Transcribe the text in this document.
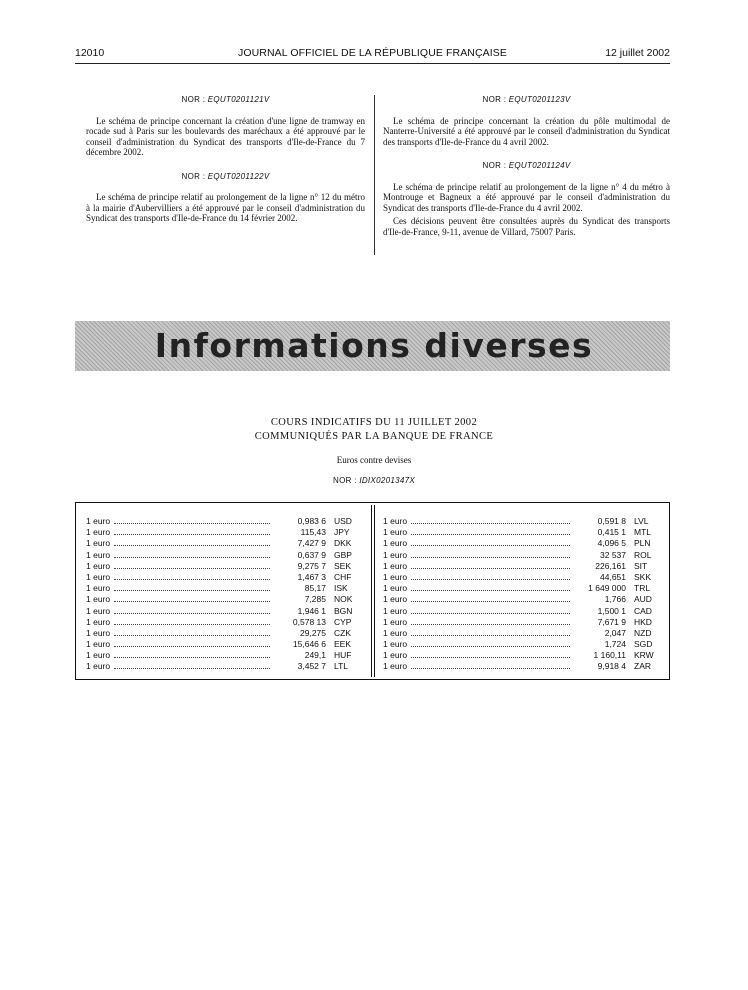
12010	JOURNAL OFFICIEL DE LA RÉPUBLIQUE FRANÇAISE	12 juillet 2002
NOR : EQUT0201121V

Le schéma de principe concernant la création d'une ligne de tramway en rocade sud à Paris sur les boulevards des maréchaux a été approuvé par le conseil d'administration du Syndicat des transports d'Ile-de-France du 7 décembre 2002.

NOR : EQUT0201122V

Le schéma de principe relatif au prolongement de la ligne n° 12 du métro à la mairie d'Aubervilliers a été approuvé par le conseil d'administration du Syndicat des transports d'Ile-de-France du 14 février 2002.

NOR : EQUT0201123V

Le schéma de principe concernant la création du pôle multimodal de Nanterre-Université a été approuvé par le conseil d'administration du Syndicat des transports d'Ile-de-France du 4 avril 2002.

NOR : EQUT0201124V

Le schéma de principe relatif au prolongement de la ligne n° 4 du métro à Montrouge et Bagneux a été approuvé par le conseil d'administration du Syndicat des transports d'Ile-de-France du 4 avril 2002.

Ces décisions peuvent être consultées auprès du Syndicat des transports d'Ile-de-France, 9-11, avenue de Villard, 75007 Paris.

Informations diverses
COURS INDICATIFS DU 11 JUILLET 2002
COMMUNIQUÉS PAR LA BANQUE DE FRANCE
Euros contre devises
NOR : IDIX0201347X
1 euro	0,983 6 USD
1 euro	115,43 JPY
1 euro	7,427 9 DKK
1 euro	0,637 9 GBP
1 euro	9,275 7 SEK
1 euro	1,467 3 CHF
1 euro	85,17 ISK
1 euro	7,285 NOK
1 euro	1,946 1 BGN
1 euro	0,578 13 CYP
1 euro	29,275 CZK
1 euro	15,646 6 EEK
1 euro	249,1 HUF
1 euro	3,452 7 LTL
1 euro	0,591 8 LVL
1 euro	0,415 1 MTL
1 euro	4,096 5 PLN
1 euro	32 537 ROL
1 euro	226,161 SIT
1 euro	44,651 SKK
1 euro	1 649 000 TRL
1 euro	1,766 AUD
1 euro	1,500 1 CAD
1 euro	7,671 9 HKD
1 euro	2,047 NZD
1 euro	1,724 SGD
1 euro	1 160,11 KRW
1 euro	9,918 4 ZAR
